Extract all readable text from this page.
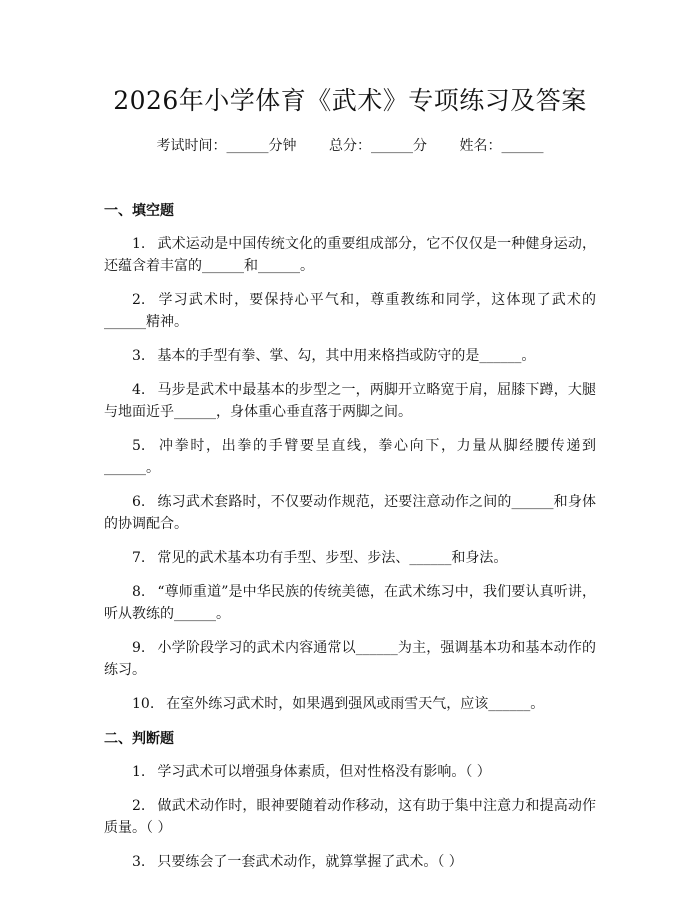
2026年小学体育《武术》专项练习及答案
考试时间：______分钟 总分：______分 姓名：______
一、填空题

1. 武术运动是中国传统文化的重要组成部分，它不仅仅是一种健身运动，还蕴含着丰富的______和______。

2. 学习武术时，要保持心平气和，尊重教练和同学，这体现了武术的______精神。

3. 基本的手型有拳、掌、勾，其中用来格挡或防守的是______。

4. 马步是武术中最基本的步型之一，两脚开立略宽于肩，屈膝下蹲，大腿与地面近乎______，身体重心垂直落于两脚之间。

5. 冲拳时，出拳的手臂要呈直线，拳心向下，力量从脚经腰传递到______。

6. 练习武术套路时，不仅要动作规范，还要注意动作之间的______和身体的协调配合。

7. 常见的武术基本功有手型、步型、步法、______和身法。

8. “尊师重道”是中华民族的传统美德，在武术练习中，我们要认真听讲，听从教练的______。

9. 小学阶段学习的武术内容通常以______为主，强调基本功和基本动作的练习。

10. 在室外练习武术时，如果遇到强风或雨雪天气，应该______。

二、判断题

1. 学习武术可以增强身体素质，但对性格没有影响。（ ）

2. 做武术动作时，眼神要随着动作移动，这有助于集中注意力和提高动作质量。（ ）

3. 只要练会了一套武术动作，就算掌握了武术。（ ）
